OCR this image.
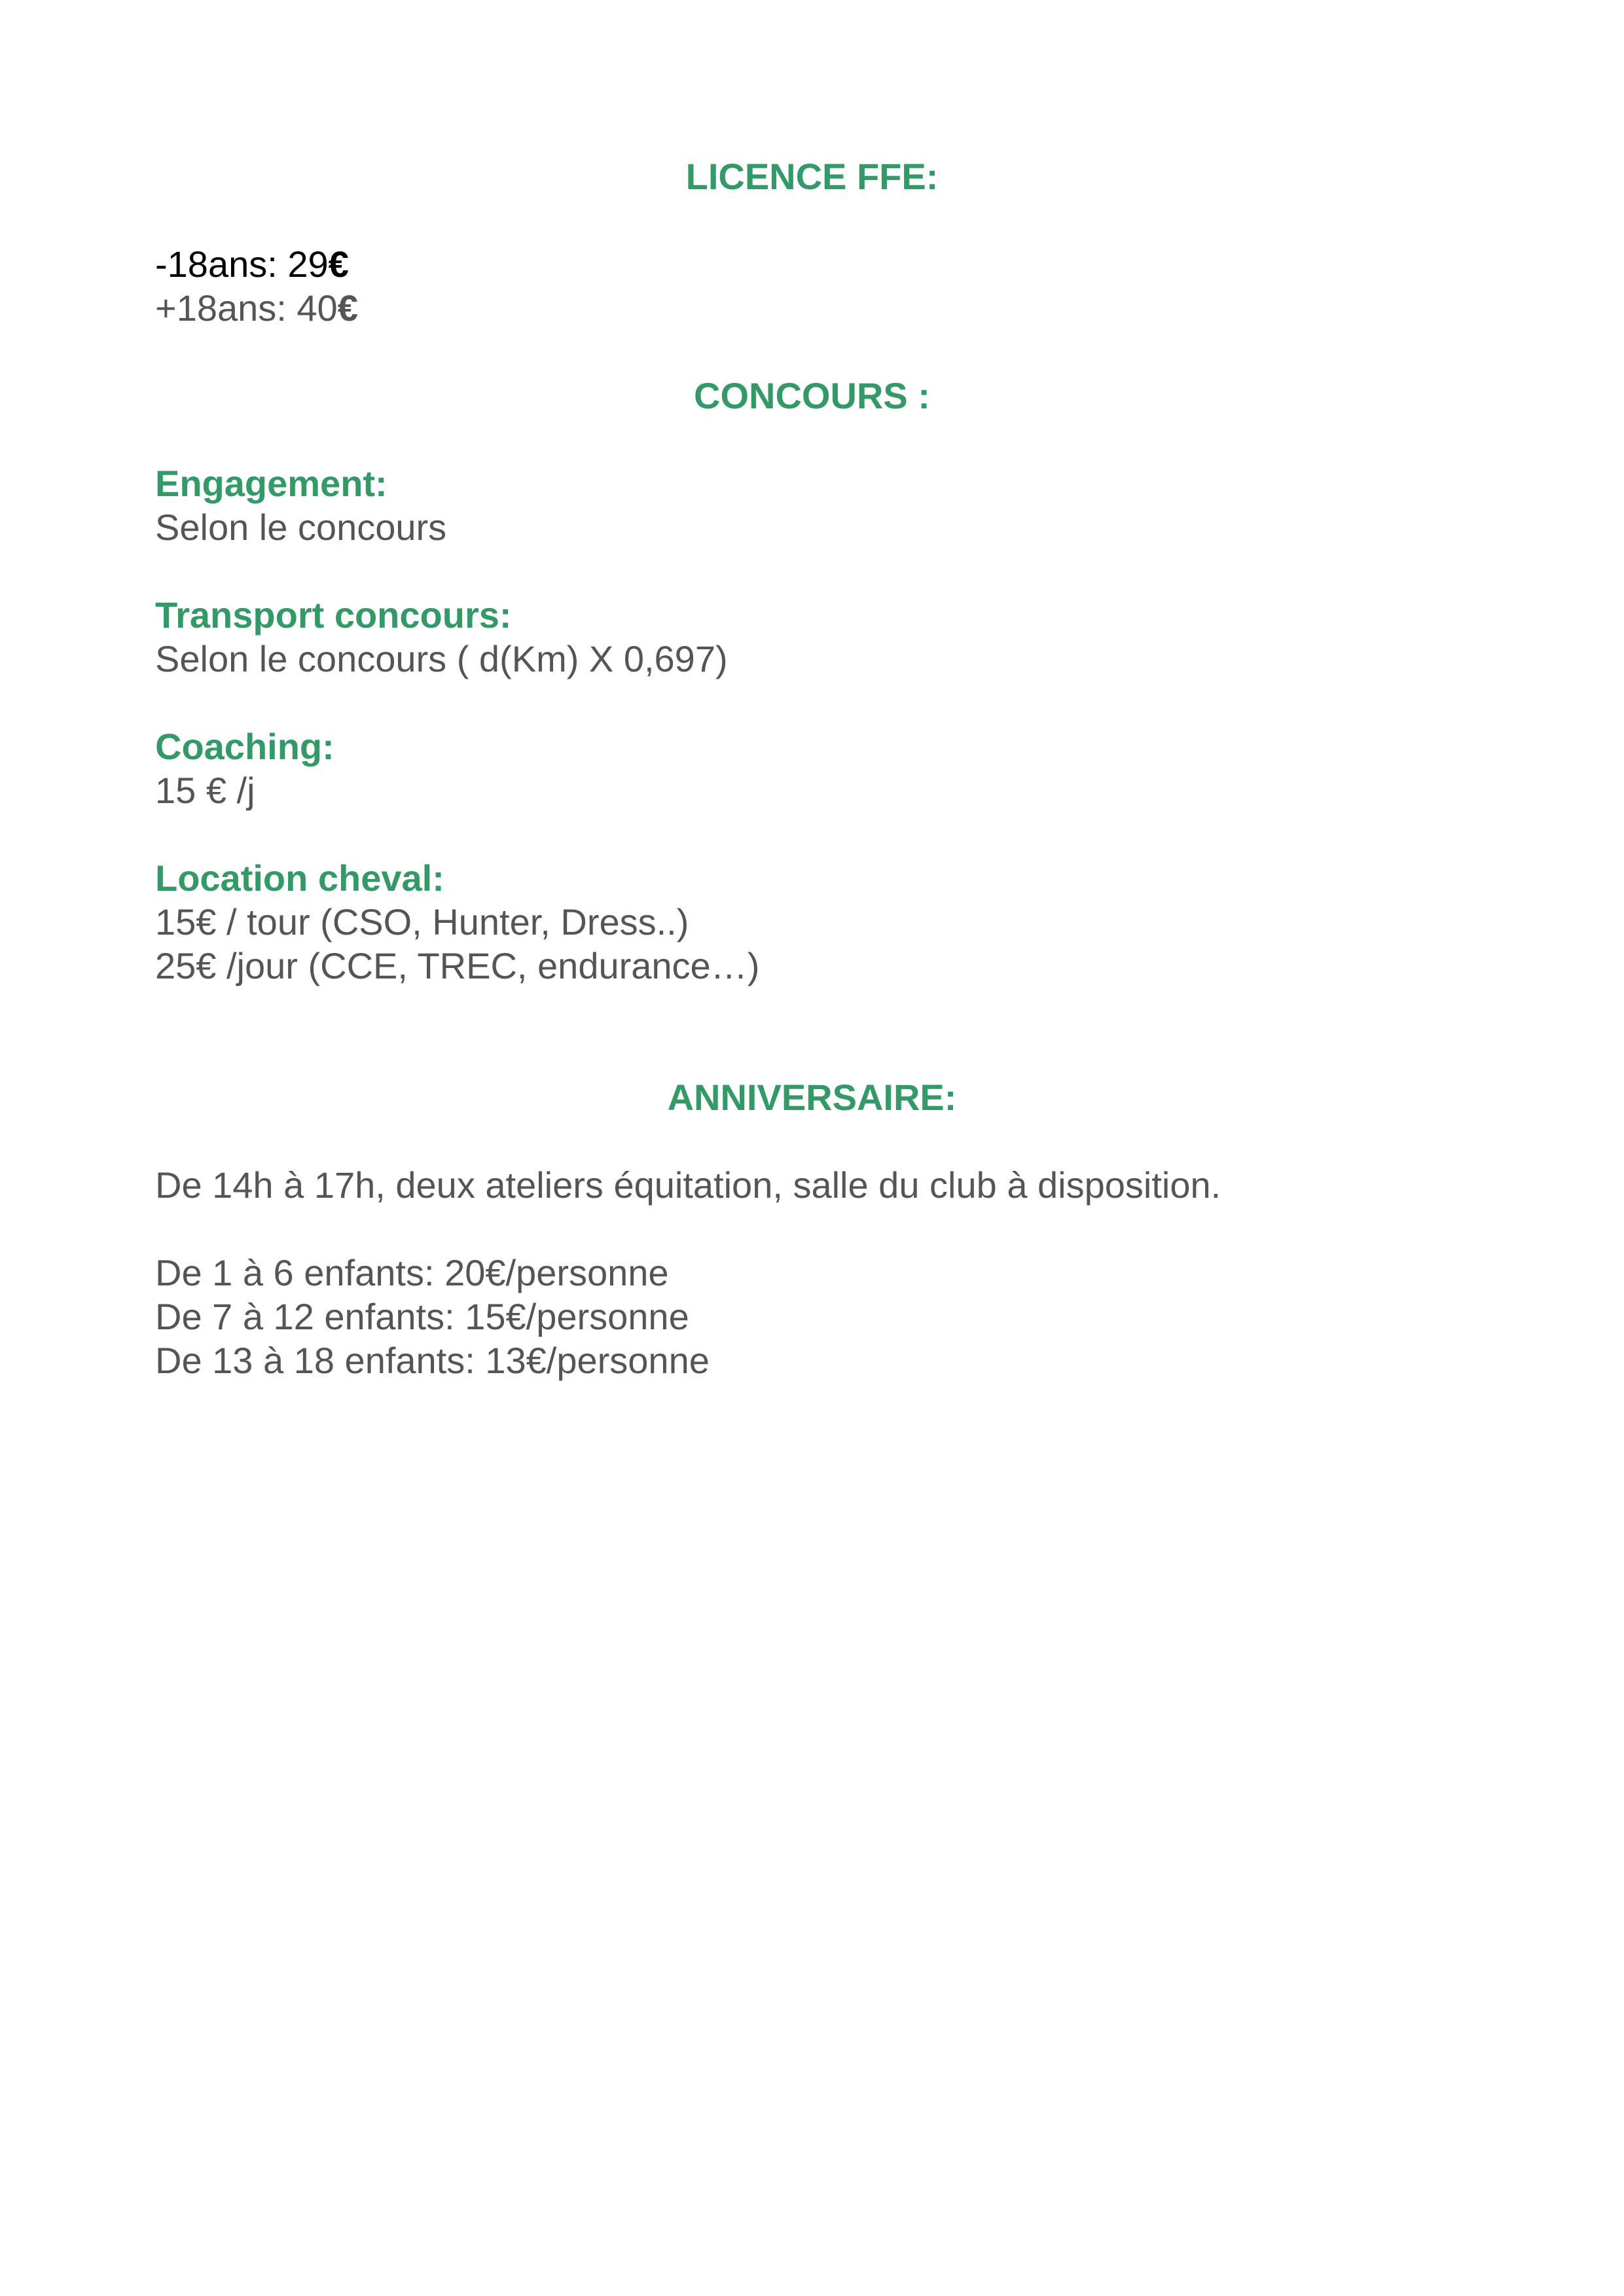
LICENCE FFE:
-18ans: 29€
+18ans: 40€
CONCOURS :
Engagement:
Selon le concours
Transport concours:
Selon le concours ( d(Km) X 0,697)
Coaching:
15 € /j
Location cheval:
15€ / tour (CSO, Hunter, Dress..)
25€ /jour (CCE, TREC, endurance…)
ANNIVERSAIRE:
De 14h à 17h, deux ateliers équitation, salle du club à disposition.
De 1 à 6 enfants: 20€/personne
De 7 à 12 enfants: 15€/personne
De 13 à 18 enfants: 13€/personne
